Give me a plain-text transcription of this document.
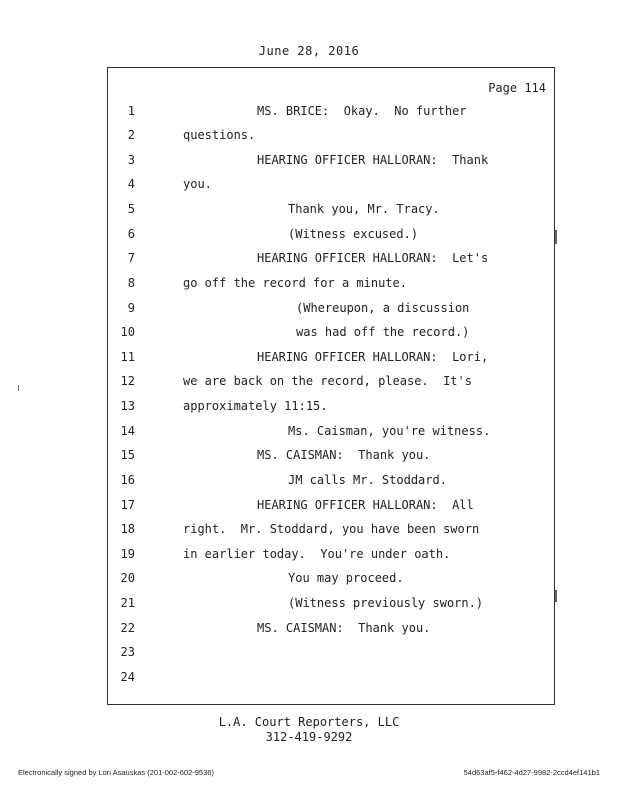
June 28, 2016
Page 114
1
2
3
4
5
6
7
8
9
10
11
12
13
14
15
16
17
18
19
20
21
22
23
24
MS. BRICE:  Okay.  No further
questions.
HEARING OFFICER HALLORAN:  Thank
you.
Thank you, Mr. Tracy.
(Witness excused.)
HEARING OFFICER HALLORAN:  Let's
go off the record for a minute.
(Whereupon, a discussion
was had off the record.)
HEARING OFFICER HALLORAN:  Lori,
we are back on the record, please.  It's
approximately 11:15.
Ms. Caisman, you're witness.
MS. CAISMAN:  Thank you.
JM calls Mr. Stoddard.
HEARING OFFICER HALLORAN:  All
right.  Mr. Stoddard, you have been sworn
in earlier today.  You're under oath.
You may proceed.
(Witness previously sworn.)
MS. CAISMAN:  Thank you.
L.A. Court Reporters, LLC
312-419-9292
Electronically signed by Lori Asauskas (201-002-602-9536)	54d63af5-f462-4d27-9982-2ccd4ef141b1
